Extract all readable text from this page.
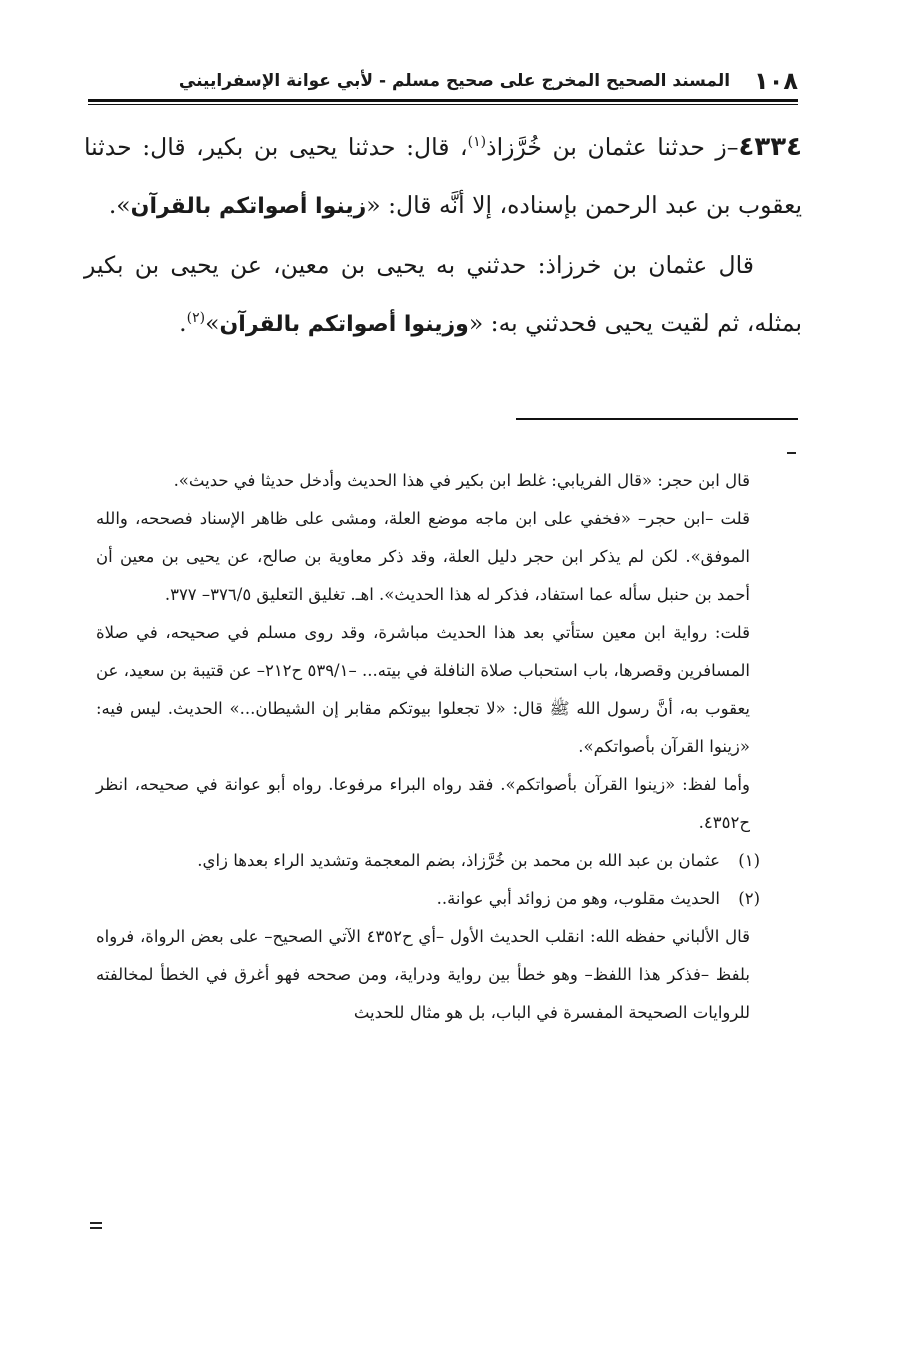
١٠٨
المسند الصحيح المخرج على صحيح مسلم - لأبي عوانة الإسفراييني

٤٣٣٤–ز حدثنا عثمان بن خُرَّزاذ$^{(١)}$، قال: حدثنا يحيى بن بكير، قال: حدثنا يعقوب بن عبد الرحمن بإسناده، إلا أنَّه قال: «زينوا أصواتكم بالقرآن».

قال عثمان بن خرزاذ: حدثني به يحيى بن معين، عن يحيى بن بكير بمثله، ثم لقيت يحيى فحدثني به: «وزينوا أصواتكم بالقرآن»$^{(٢)}$.

قال ابن حجر: «قال الفريابي: غلط ابن بكير في هذا الحديث وأدخل حديثا في حديث».

قلت –ابن حجر– «فخفي على ابن ماجه موضع العلة، ومشى على ظاهر الإسناد فصححه، والله الموفق». لكن لم يذكر ابن حجر دليل العلة، وقد ذكر معاوية بن صالح، عن يحيى بن معين أن أحمد بن حنبل سأله عما استفاد، فذكر له هذا الحديث». اهـ. تغليق التعليق ٣٧٦/٥– ٣٧٧.

قلت: رواية ابن معين ستأتي بعد هذا الحديث مباشرة، وقد روى مسلم في صحيحه، في صلاة المسافرين وقصرها، باب استحباب صلاة النافلة في بيته... –٥٣٩/١ ح٢١٢– عن قتيبة بن سعيد، عن يعقوب به، أنَّ رسول الله ﷺ قال: «لا تجعلوا بيوتكم مقابر إن الشيطان...» الحديث. ليس فيه: «زينوا القرآن بأصواتكم».

وأما لفظ: «زينوا القرآن بأصواتكم». فقد رواه البراء مرفوعا. رواه أبو عوانة في صحيحه، انظر ح٤٣٥٢.

(١)عثمان بن عبد الله بن محمد بن خُرَّزاذ، بضم المعجمة وتشديد الراء بعدها زاي.

(٢)الحديث مقلوب، وهو من زوائد أبي عوانة..

قال الألباني حفظه الله: انقلب الحديث الأول –أي ح٤٣٥٢ الآتي الصحيح– على بعض الرواة، فرواه بلفظ –فذكر هذا اللفظ– وهو خطأ بين رواية ودراية، ومن صححه فهو أغرق في الخطأ لمخالفته للروايات الصحيحة المفسرة في الباب، بل هو مثال للحديث
